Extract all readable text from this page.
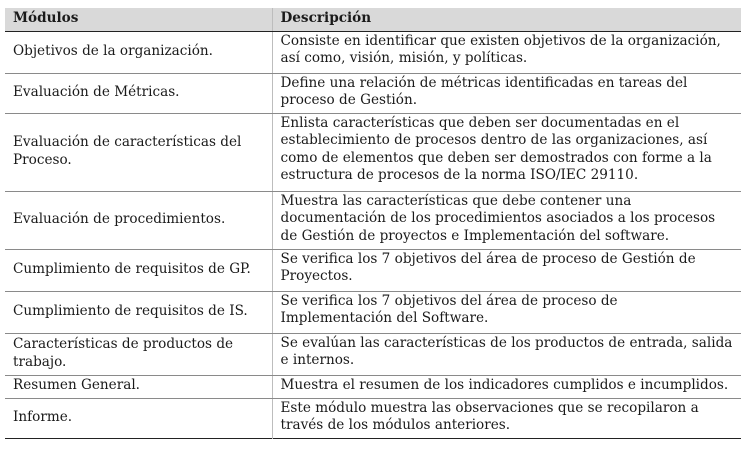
Módulos	Descripción
Objetivos de la organización.	Consiste en identificar que existen objetivos de la organización, así como, visión, misión, y políticas.
Evaluación de Métricas.	Define una relación de métricas identificadas en tareas del proceso de Gestión.
Evaluación de características del Proceso.	Enlista características que deben ser documentadas en el establecimiento de procesos dentro de las organizaciones, así como de elementos que deben ser demostrados con forme a la estructura de procesos de la norma ISO/IEC 29110.
Evaluación de procedimientos.	Muestra las características que debe contener una documentación de los procedimientos asociados a los procesos de Gestión de proyectos e Implementación del software.
Cumplimiento de requisitos de GP.	Se verifica los 7 objetivos del área de proceso de Gestión de Proyectos.
Cumplimiento de requisitos de IS.	Se verifica los 7 objetivos del área de proceso de Implementación del Software.
Características de productos de trabajo.	Se evalúan las características de los productos de entrada, salida e internos.
Resumen General.	Muestra el resumen de los indicadores cumplidos e incumplidos.
Informe.	Este módulo muestra las observaciones que se recopilaron a través de los módulos anteriores.
